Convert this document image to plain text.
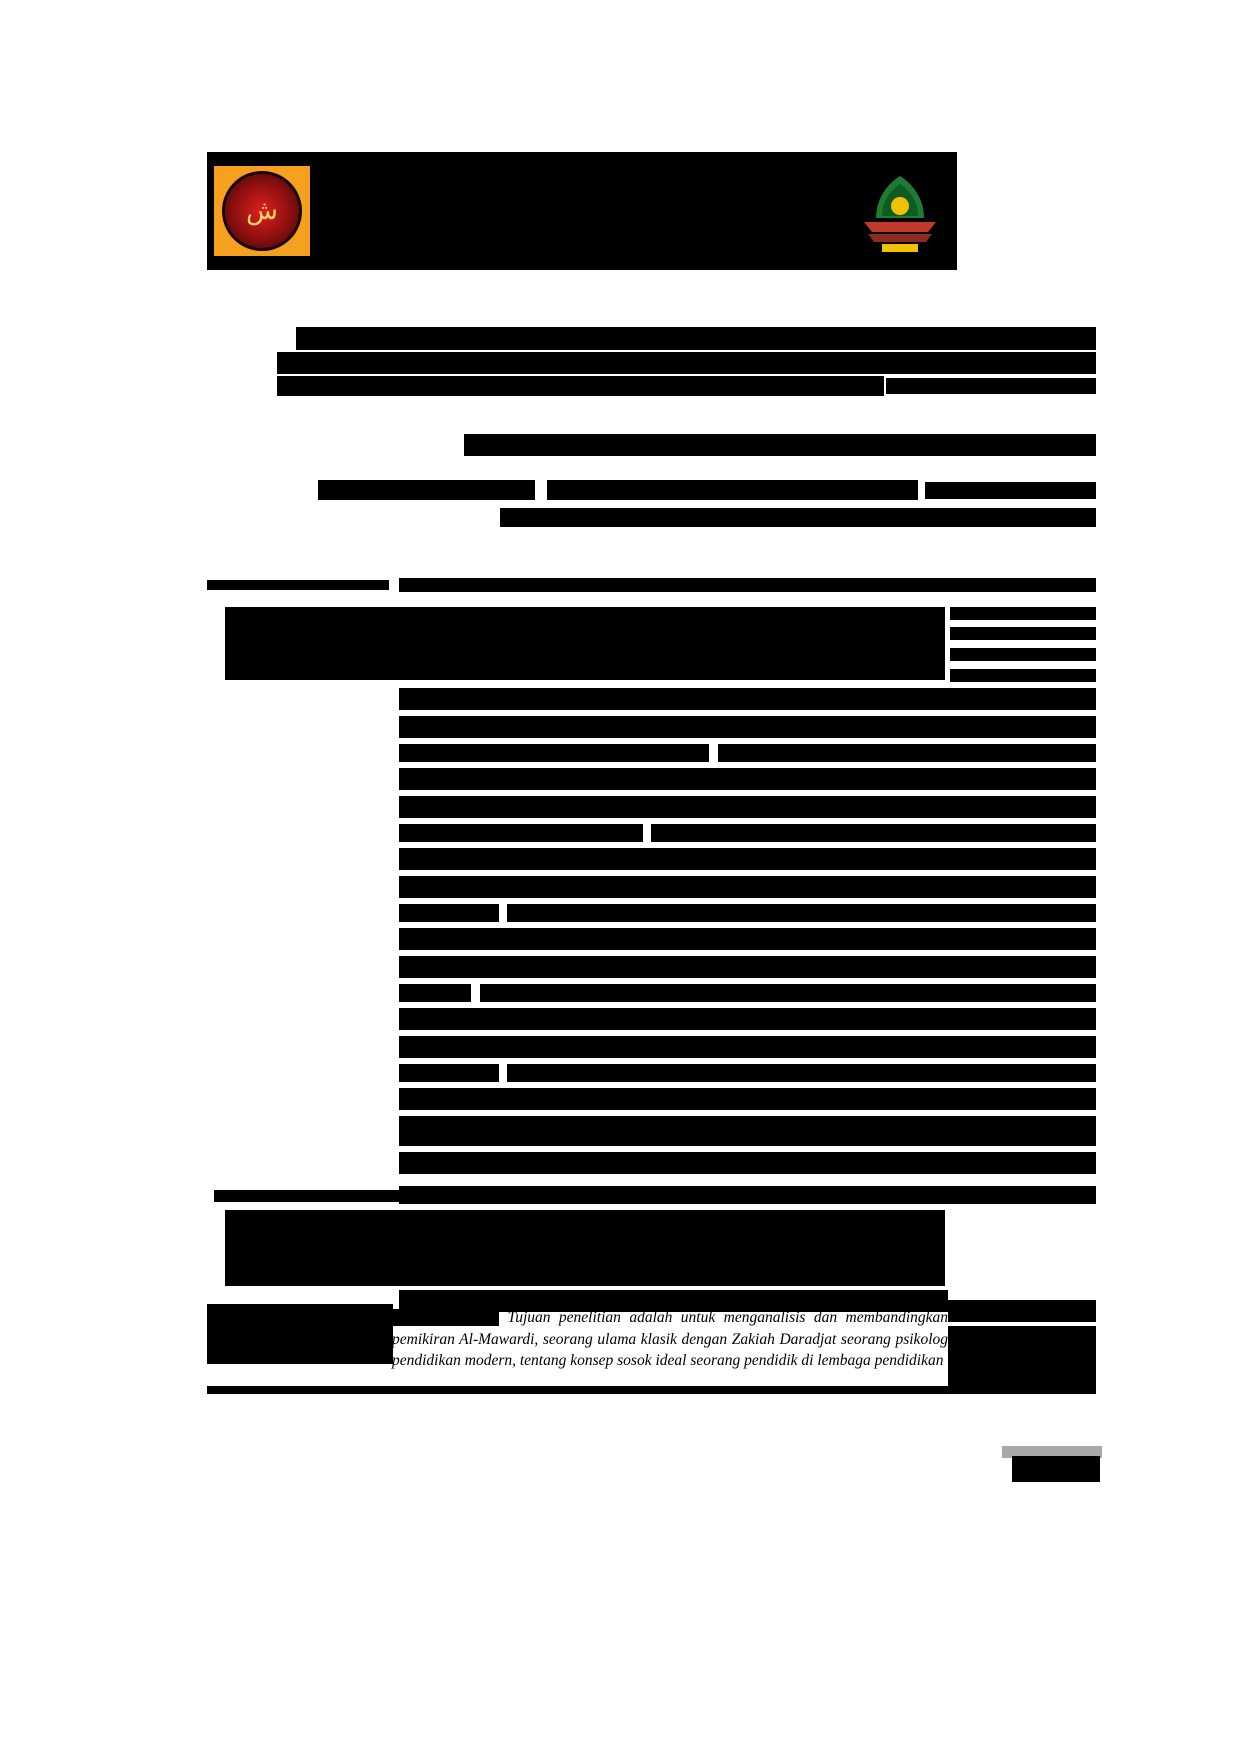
ش
lembaga formal. Tujuan penelitian adalah untuk menganalisis dan membandingkan pemikiran Al-Mawardi, seorang ulama klasik dengan Zakiah Daradjat seorang psikolog pendidikan modern, tentang konsep sosok ideal seorang pendidik di lembaga pendidikan
